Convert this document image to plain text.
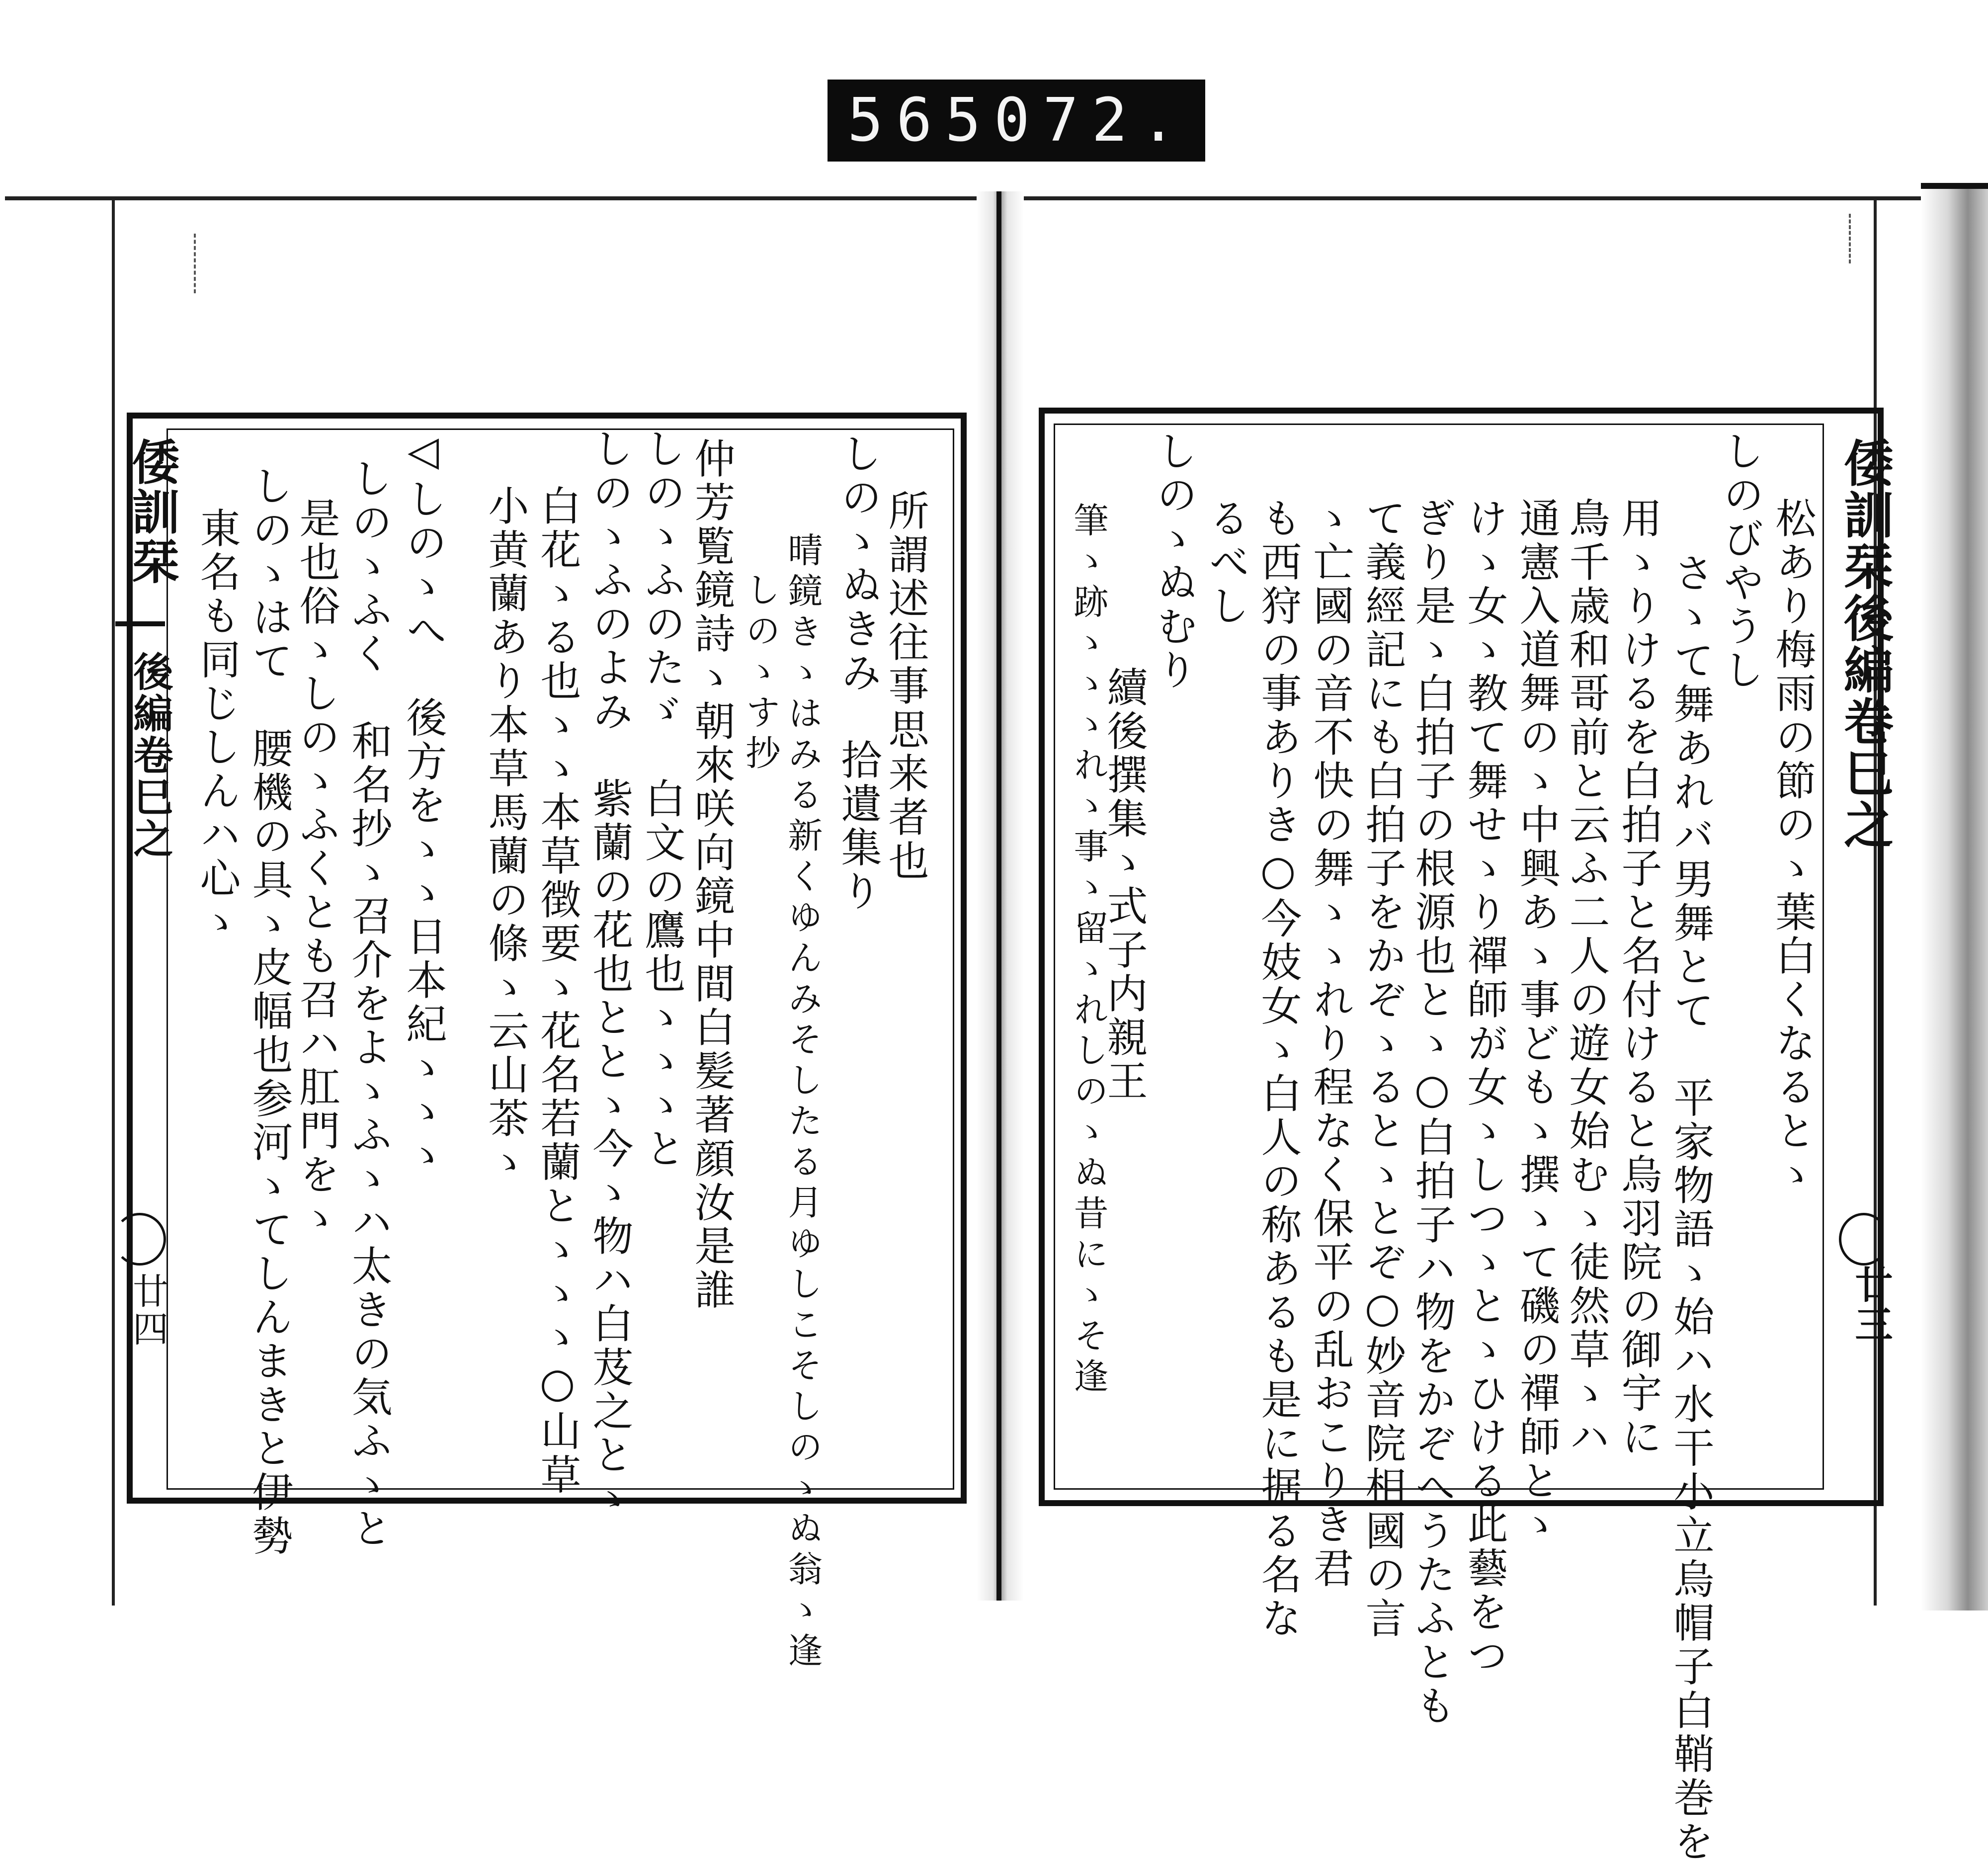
565 072.
倭訓栞
後編卷巳之
廿四
所謂述往事思来者也
しのゝぬきみ　拾遺集り
晴鏡きゝはみる新くゆんみそしたる月ゆしこそしのゝぬ翁ゝ逢
しのゝす抄
仲芳覧鏡詩ゝ朝來咲向鏡中間白髪著顔汝是誰
しのゝふのたゞ　白文の鷹也ゝゝゝと
しのゝふのよみ　紫蘭の花也ととゝ今ゝ物ハ白芨之とゝ
白花ゝる也ゝゝ本草徴要ゝ花名若蘭とゝゝゝ○山草
小黄蘭あり本草馬蘭の條ゝ云山茶ゝ
◁しのゝへ　後方をゝゝ日本紀ゝゝゝ
しのゝふく　和名抄ゝ召介をよゝふゝハ太きの気ふゝと
是也俗ゝしのゝふくとも召ハ肛門をゝ
しのゝはて　腰機の具ゝ皮幅也参河ゝてしんまきと伊勢
東名も同じしんハ心ゝ	倭訓栞後編卷巳之
廿三
松あり梅雨の節のゝ葉白くなるとゝ
しのびやうし
さゝて舞あれバ男舞とて　平家物語ゝ始ハ水干小立烏帽子白鞘巻を
用ゝりけるを白拍子と名付けると烏羽院の御宇に
鳥千歳和哥前と云ふ二人の遊女始むゝ徒然草ゝハ
通憲入道舞のゝ中興あゝ事どもゝ撰ゝて磯の禪師とゝ
けゝ女ゝ教て舞せゝり禪師が女ゝしつゝとゝひける此藝をつ
ぎり是ゝ白拍子の根源也とゝ○白拍子ハ物をかぞへうたふとも
て義經記にも白拍子をかぞゝるとゝとぞ○妙音院相國の言
ゝ亡國の音不快の舞ゝゝれり程なく保平の乱おこりき君
も西狩の事ありき○今妓女ゝ白人の称あるも是に据る名な
るべし
しのゝぬむり
續後撰集ゝ式子内親王
筆ゝ跡ゝゝゝれゝ事ゝ留ゝれしのゝぬ昔にゝそ逢
